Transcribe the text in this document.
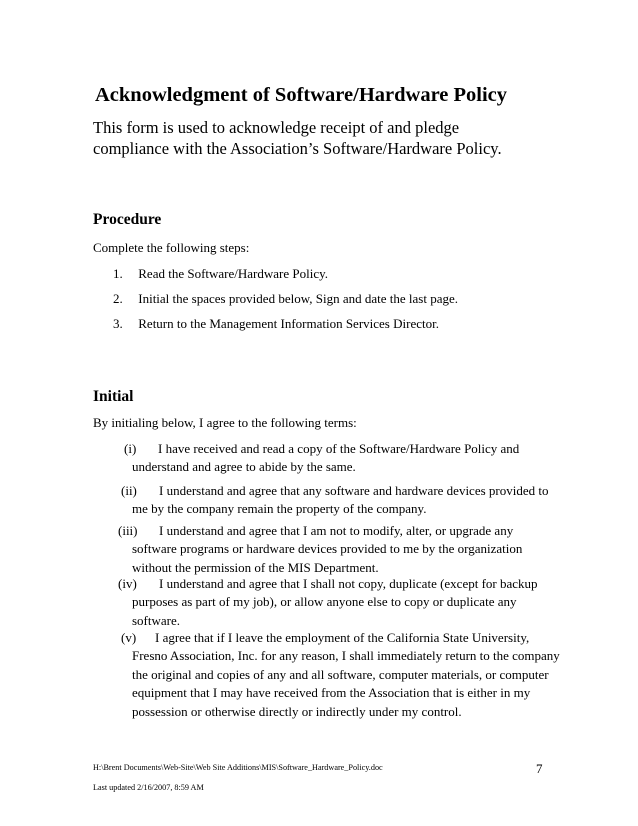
Acknowledgment of Software/Hardware Policy

This form is used to acknowledge receipt of and pledge
compliance with the Association’s Software/Hardware Policy.

Procedure

Complete the following steps:

1. Read the Software/Hardware Policy.

2. Initial the spaces provided below, Sign and date the last page.

3. Return to the Management Information Services Director.

Initial

By initialing below, I agree to the following terms:

(i) I have received and read a copy of the Software/Hardware Policy and
understand and agree to abide by the same.
(ii) I understand and agree that any software and hardware devices provided to
me by the company remain the property of the company.
(iii) I understand and agree that I am not to modify, alter, or upgrade any
software programs or hardware devices provided to me by the organization
without the permission of the MIS Department.
(iv) I understand and agree that I shall not copy, duplicate (except for backup
purposes as part of my job), or allow anyone else to copy or duplicate any
software.
(v) I agree that if I leave the employment of the California State University,
Fresno Association, Inc. for any reason, I shall immediately return to the company
the original and copies of any and all software, computer materials, or computer
equipment that I may have received from the Association that is either in my
possession or otherwise directly or indirectly under my control.

H:\Brent Documents\Web-Site\Web Site Additions\MIS\Software_Hardware_Policy.doc	7

Last updated 2/16/2007, 8:59 AM
